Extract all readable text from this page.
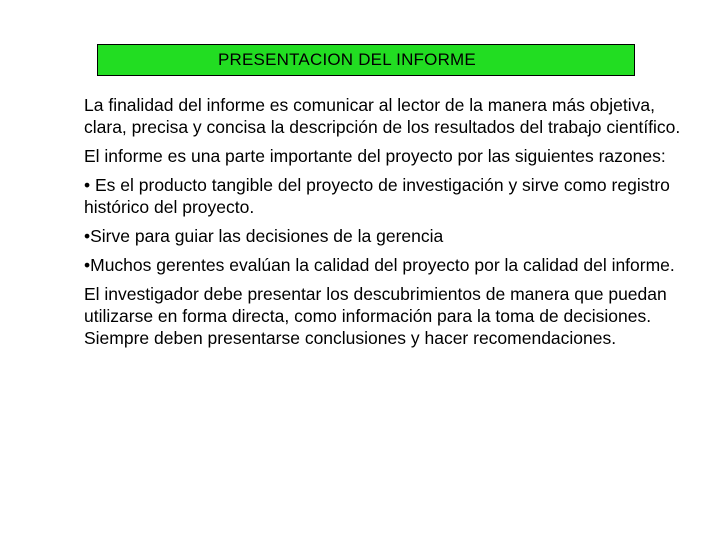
PRESENTACION DEL INFORME

La finalidad del informe es comunicar al lector de la manera más objetiva, clara, precisa y concisa la descripción de los resultados del trabajo científico.

El informe es una parte importante del proyecto por las siguientes razones:

• Es el producto tangible del proyecto de investigación y sirve como registro histórico del proyecto.

•Sirve para guiar las decisiones de la gerencia

•Muchos gerentes evalúan la calidad del proyecto por la calidad del informe.

El investigador debe presentar los descubrimientos de manera que puedan utilizarse en forma directa, como información para la toma de decisiones. Siempre deben presentarse conclusiones y hacer recomendaciones.
